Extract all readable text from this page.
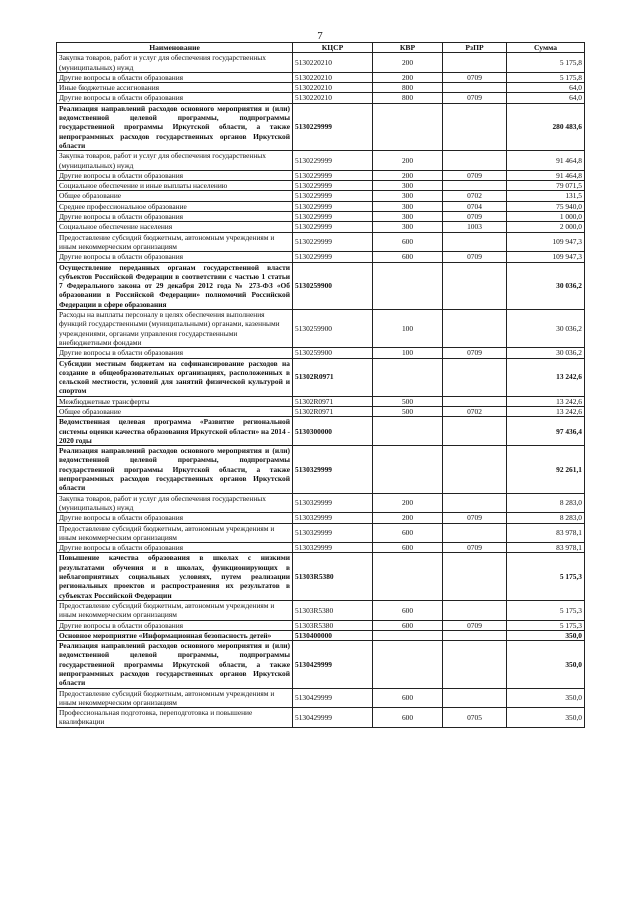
7
Наименование	КЦСР	КВР	РзПР	Сумма
Закупка товаров, работ и услуг для обеспечения государственных (муниципальных) нужд	5130220210	200		5 175,8
Другие вопросы в области образования	5130220210	200	0709	5 175,8
Иные бюджетные ассигнования	5130220210	800		64,0
Другие вопросы в области образования	5130220210	800	0709	64,0
Реализация направлений расходов основного мероприятия и (или) ведомственной целевой программы, подпрограммы государственной программы Иркутской области, а также непрограммных расходов государственных органов Иркутской области	5130229999			280 483,6
Закупка товаров, работ и услуг для обеспечения государственных (муниципальных) нужд	5130229999	200		91 464,8
Другие вопросы в области образования	5130229999	200	0709	91 464,8
Социальное обеспечение и иные выплаты населению	5130229999	300		79 071,5
Общее образование	5130229999	300	0702	131,5
Среднее профессиональное образование	5130229999	300	0704	75 940,0
Другие вопросы в области образования	5130229999	300	0709	1 000,0
Социальное обеспечение населения	5130229999	300	1003	2 000,0
Предоставление субсидий бюджетным, автономным учреждениям и иным некоммерческим организациям	5130229999	600		109 947,3
Другие вопросы в области образования	5130229999	600	0709	109 947,3
Осуществление переданных органам государственной власти субъектов Российской Федерации в соответствии с частью 1 статьи 7 Федерального закона от 29 декабря 2012 года № 273-ФЗ «Об образовании в Российской Федерации» полномочий Российской Федерации в сфере образования	5130259900			30 036,2
Расходы на выплаты персоналу в целях обеспечения выполнения функций государственными (муниципальными) органами, казенными учреждениями, органами управления государственными внебюджетными фондами	5130259900	100		30 036,2
Другие вопросы в области образования	5130259900	100	0709	30 036,2
Субсидии местным бюджетам на софинансирование расходов на создание в общеобразовательных организациях, расположенных в сельской местности, условий для занятий физической культурой и спортом	51302R0971			13 242,6
Межбюджетные трансферты	51302R0971	500		13 242,6
Общее образование	51302R0971	500	0702	13 242,6
Ведомственная целевая программа «Развитие региональной системы оценки качества образования Иркутской области» на 2014 - 2020 годы	5130300000			97 436,4
Реализация направлений расходов основного мероприятия и (или) ведомственной целевой программы, подпрограммы государственной программы Иркутской области, а также непрограммных расходов государственных органов Иркутской области	5130329999			92 261,1
Закупка товаров, работ и услуг для обеспечения государственных (муниципальных) нужд	5130329999	200		8 283,0
Другие вопросы в области образования	5130329999	200	0709	8 283,0
Предоставление субсидий бюджетным, автономным учреждениям и иным некоммерческим организациям	5130329999	600		83 978,1
Другие вопросы в области образования	5130329999	600	0709	83 978,1
Повышение качества образования в школах с низкими результатами обучения и в школах, функционирующих в неблагоприятных социальных условиях, путем реализации региональных проектов и распространения их результатов в субъектах Российской Федерации	51303R5380			5 175,3
Предоставление субсидий бюджетным, автономным учреждениям и иным некоммерческим организациям	51303R5380	600		5 175,3
Другие вопросы в области образования	51303R5380	600	0709	5 175,3
Основное мероприятие «Информационная безопасность детей»	5130400000			350,0
Реализация направлений расходов основного мероприятия и (или) ведомственной целевой программы, подпрограммы государственной программы Иркутской области, а также непрограммных расходов государственных органов Иркутской области	5130429999			350,0
Предоставление субсидий бюджетным, автономным учреждениям и иным некоммерческим организациям	5130429999	600		350,0
Профессиональная подготовка, переподготовка и повышение квалификации	5130429999	600	0705	350,0
